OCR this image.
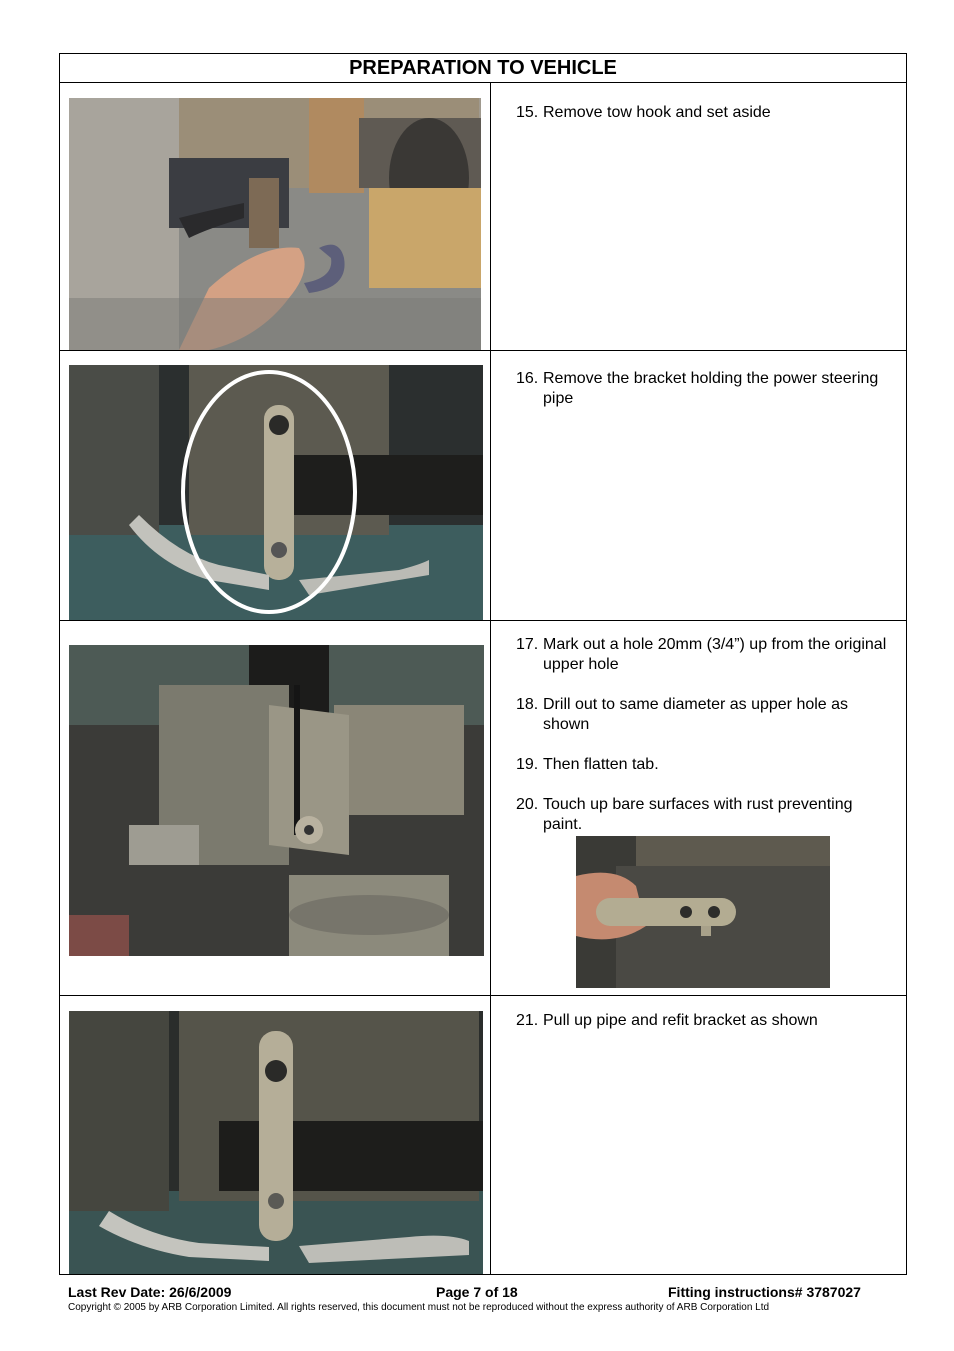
PREPARATION TO VEHICLE
15. Remove tow hook and set aside
16. Remove the bracket holding the power steering pipe
17. Mark out a hole 20mm (3/4”) up from the original upper hole
18. Drill out to same diameter as upper hole as shown
19. Then flatten tab.
20. Touch up bare surfaces with rust preventing paint.
21. Pull up pipe and refit bracket as shown
Last Rev Date: 26/6/2009	Page 7 of 18	Fitting instructions# 3787027
Copyright © 2005 by ARB Corporation Limited. All rights reserved, this document must not be reproduced without the express authority of ARB Corporation Ltd
